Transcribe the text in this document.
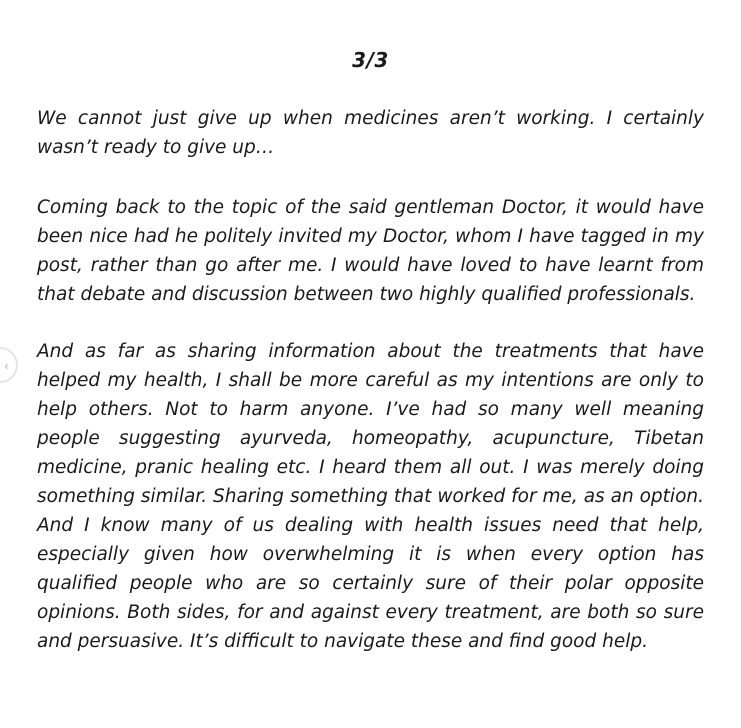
3/3

We cannot just give up when medicines aren’t working. I certainly wasn’t ready to give up…

Coming back to the topic of the said gentleman Doctor, it would have been nice had he politely invited my Doctor, whom I have tagged in my post, rather than go after me. I would have loved to have learnt from that debate and discussion between two highly qualified professionals.

And as far as sharing information about the treatments that have helped my health, I shall be more careful as my intentions are only to help others. Not to harm anyone. I’ve had so many well meaning people suggesting ayurveda, homeopathy, acupuncture, Tibetan medicine, pranic healing etc. I heard them all out. I was merely doing something similar. Sharing something that worked for me, as an option. And I know many of us dealing with health issues need that help, especially given how overwhelming it is when every option has qualified people who are so certainly sure of their polar opposite opinions. Both sides, for and against every treatment, are both so sure and persuasive. It’s difficult to navigate these and find good help.

‹
